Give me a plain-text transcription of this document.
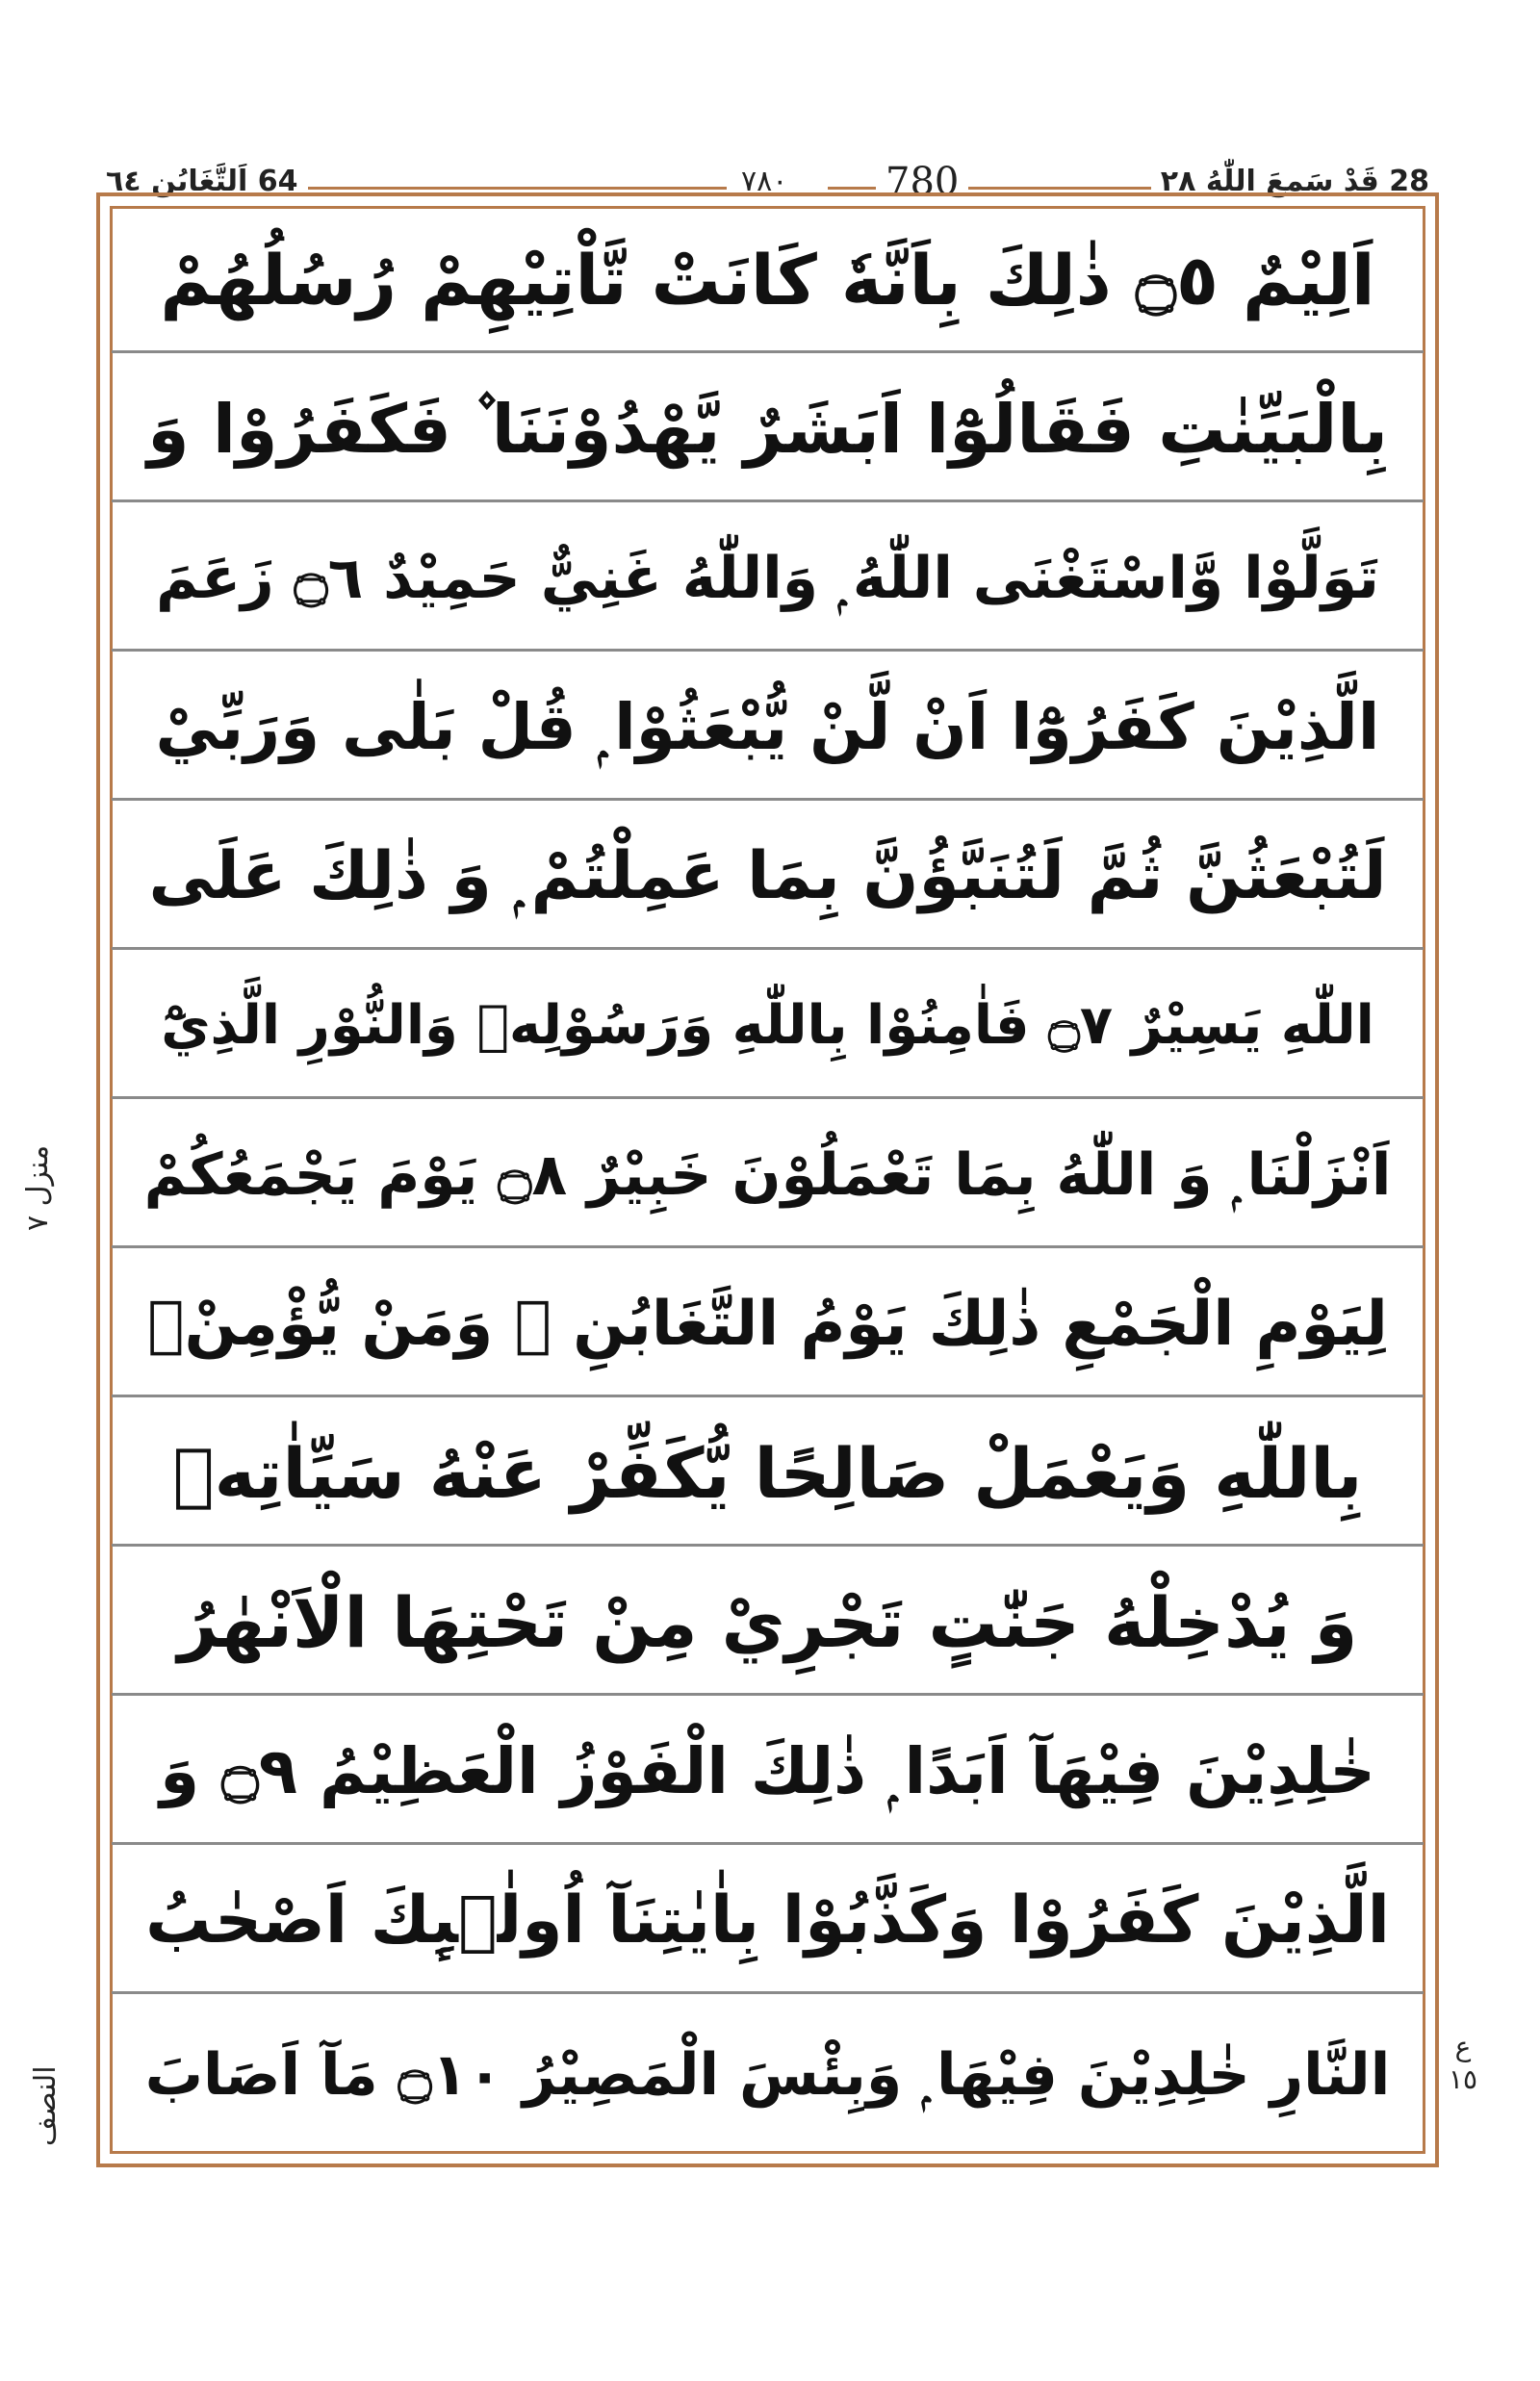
64 اَلتَّغَابُن ٦٤	٧٨٠	780	28 قَدْ سَمِعَ اللّٰهُ ٢٨
اَلِيْمٌ ۝٥ ذٰلِكَ بِاَنَّهٗ كَانَتْ تَّاْتِيْهِمْ رُسُلُهُمْ
بِالْبَيِّنٰتِ فَقَالُوْٓا اَبَشَرٌ يَّهْدُوْنَنَا ۫ فَكَفَرُوْا وَ
تَوَلَّوْا وَّاسْتَغْنَى اللّٰهُ ۭ وَاللّٰهُ غَنِيٌّ حَمِيْدٌ ۝٦ زَعَمَ
الَّذِيْنَ كَفَرُوْٓا اَنْ لَّنْ يُّبْعَثُوْا ۭ قُلْ بَلٰى وَرَبِّيْ
لَتُبْعَثُنَّ ثُمَّ لَتُنَبَّؤُنَّ بِمَا عَمِلْتُمْ ۭ وَ ذٰلِكَ عَلَى
اللّٰهِ يَسِيْرٌ ۝٧ فَاٰمِنُوْا بِاللّٰهِ وَرَسُوْلِهٖ وَالنُّوْرِ الَّذِيْٓ
اَنْزَلْنَا ۭ وَ اللّٰهُ بِمَا تَعْمَلُوْنَ خَبِيْرٌ ۝٨ يَوْمَ يَجْمَعُكُمْ
لِيَوْمِ الْجَمْعِ ذٰلِكَ يَوْمُ التَّغَابُنِ ۭ وَمَنْ يُّؤْمِنْۢ
بِاللّٰهِ وَيَعْمَلْ صَالِحًا يُّكَفِّرْ عَنْهُ سَيِّاٰتِهٖ
وَ يُدْخِلْهُ جَنّٰتٍ تَجْرِيْ مِنْ تَحْتِهَا الْاَنْهٰرُ
خٰلِدِيْنَ فِيْهَآ اَبَدًا ۭ ذٰلِكَ الْفَوْزُ الْعَظِيْمُ ۝٩ وَ
الَّذِيْنَ كَفَرُوْا وَكَذَّبُوْا بِاٰيٰتِنَآ اُولٰۗىِٕكَ اَصْحٰبُ
النَّارِ خٰلِدِيْنَ فِيْهَا ۭ وَبِئْسَ الْمَصِيْرُ ۝١٠ مَآ اَصَابَ
منزل ٧
النصف
ع
١٥
